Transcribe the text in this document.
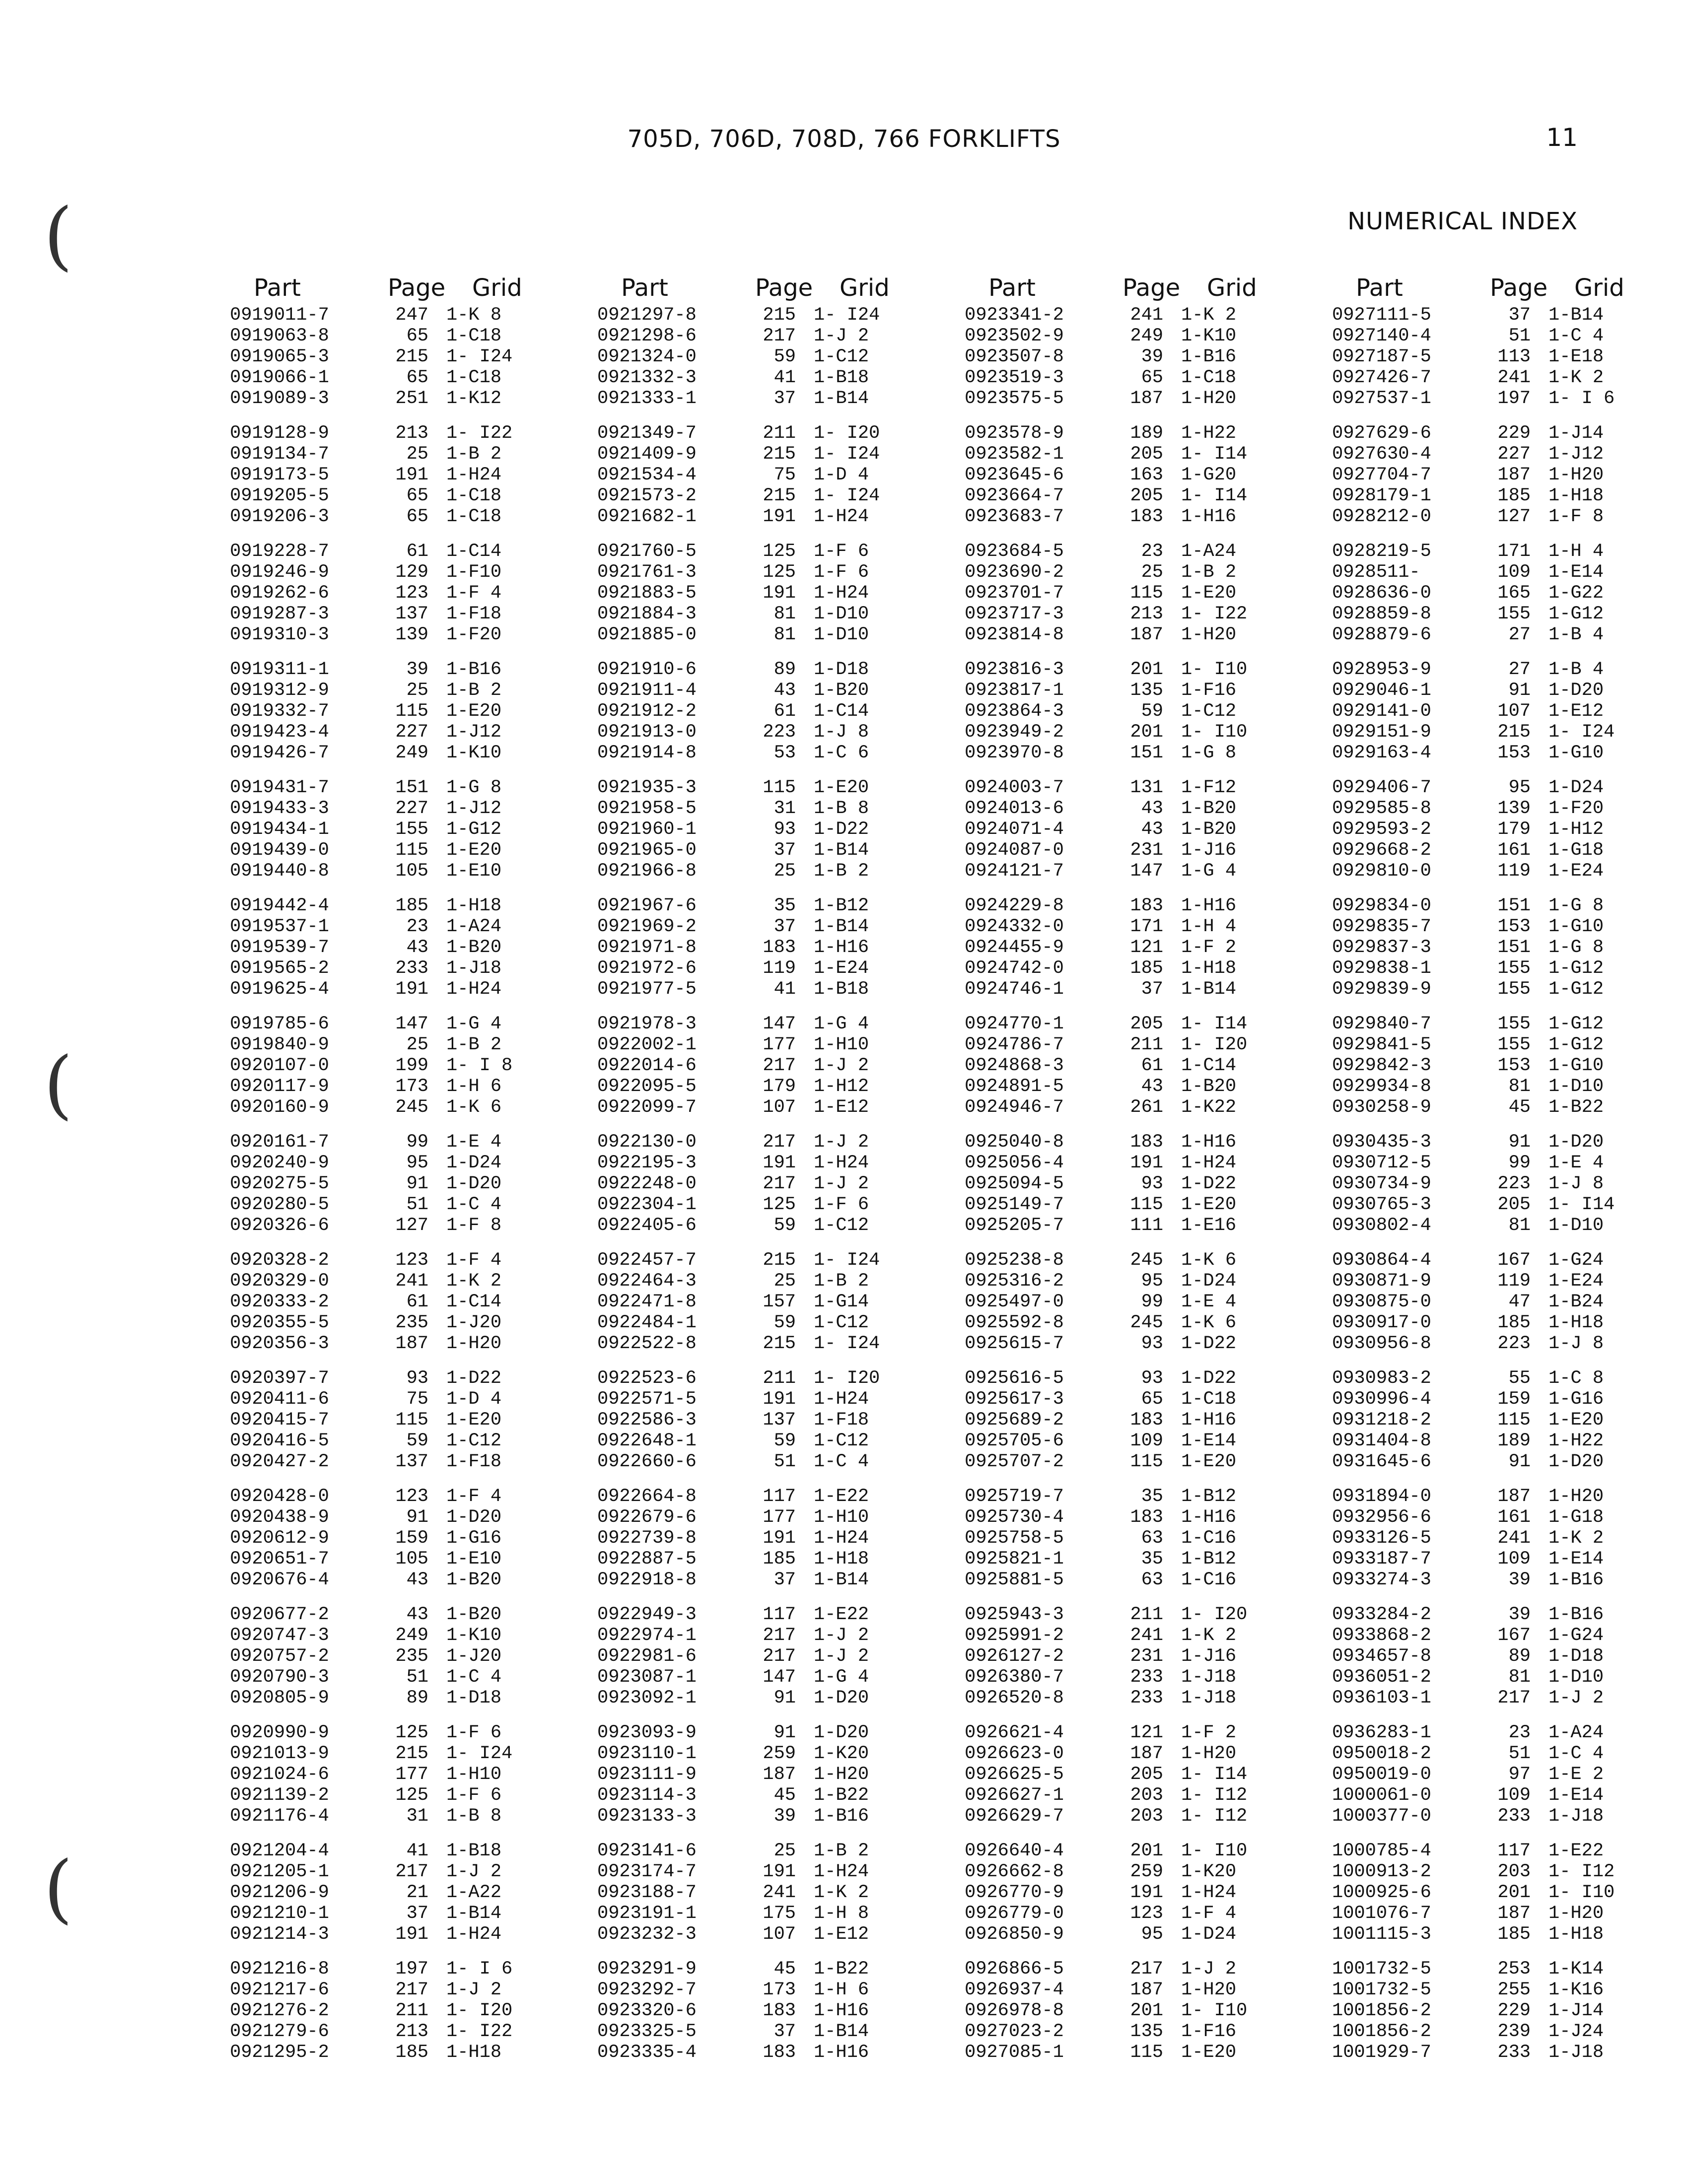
705D, 706D, 708D, 766 FORKLIFTS	11
NUMERICAL INDEX
(
(
(
Part	Page	Grid
0919011-7	247 1-K 8
0919063-8	65 1-C18
0919065-3	215 1- I24
0919066-1	65 1-C18
0919089-3	251 1-K12
0919128-9	213 1- I22
0919134-7	25 1-B 2
0919173-5	191 1-H24
0919205-5	65 1-C18
0919206-3	65 1-C18
0919228-7	61 1-C14
0919246-9	129 1-F10
0919262-6	123 1-F 4
0919287-3	137 1-F18
0919310-3	139 1-F20
0919311-1	39 1-B16
0919312-9	25 1-B 2
0919332-7	115 1-E20
0919423-4	227 1-J12
0919426-7	249 1-K10
0919431-7	151 1-G 8
0919433-3	227 1-J12
0919434-1	155 1-G12
0919439-0	115 1-E20
0919440-8	105 1-E10
0919442-4	185 1-H18
0919537-1	23 1-A24
0919539-7	43 1-B20
0919565-2	233 1-J18
0919625-4	191 1-H24
0919785-6	147 1-G 4
0919840-9	25 1-B 2
0920107-0	199 1- I 8
0920117-9	173 1-H 6
0920160-9	245 1-K 6
0920161-7	99 1-E 4
0920240-9	95 1-D24
0920275-5	91 1-D20
0920280-5	51 1-C 4
0920326-6	127 1-F 8
0920328-2	123 1-F 4
0920329-0	241 1-K 2
0920333-2	61 1-C14
0920355-5	235 1-J20
0920356-3	187 1-H20
0920397-7	93 1-D22
0920411-6	75 1-D 4
0920415-7	115 1-E20
0920416-5	59 1-C12
0920427-2	137 1-F18
0920428-0	123 1-F 4
0920438-9	91 1-D20
0920612-9	159 1-G16
0920651-7	105 1-E10
0920676-4	43 1-B20
0920677-2	43 1-B20
0920747-3	249 1-K10
0920757-2	235 1-J20
0920790-3	51 1-C 4
0920805-9	89 1-D18
0920990-9	125 1-F 6
0921013-9	215 1- I24
0921024-6	177 1-H10
0921139-2	125 1-F 6
0921176-4	31 1-B 8
0921204-4	41 1-B18
0921205-1	217 1-J 2
0921206-9	21 1-A22
0921210-1	37 1-B14
0921214-3	191 1-H24
0921216-8	197 1- I 6
0921217-6	217 1-J 2
0921276-2	211 1- I20
0921279-6	213 1- I22
0921295-2	185 1-H18
Part	Page	Grid
0921297-8	215 1- I24
0921298-6	217 1-J 2
0921324-0	59 1-C12
0921332-3	41 1-B18
0921333-1	37 1-B14
0921349-7	211 1- I20
0921409-9	215 1- I24
0921534-4	75 1-D 4
0921573-2	215 1- I24
0921682-1	191 1-H24
0921760-5	125 1-F 6
0921761-3	125 1-F 6
0921883-5	191 1-H24
0921884-3	81 1-D10
0921885-0	81 1-D10
0921910-6	89 1-D18
0921911-4	43 1-B20
0921912-2	61 1-C14
0921913-0	223 1-J 8
0921914-8	53 1-C 6
0921935-3	115 1-E20
0921958-5	31 1-B 8
0921960-1	93 1-D22
0921965-0	37 1-B14
0921966-8	25 1-B 2
0921967-6	35 1-B12
0921969-2	37 1-B14
0921971-8	183 1-H16
0921972-6	119 1-E24
0921977-5	41 1-B18
0921978-3	147 1-G 4
0922002-1	177 1-H10
0922014-6	217 1-J 2
0922095-5	179 1-H12
0922099-7	107 1-E12
0922130-0	217 1-J 2
0922195-3	191 1-H24
0922248-0	217 1-J 2
0922304-1	125 1-F 6
0922405-6	59 1-C12
0922457-7	215 1- I24
0922464-3	25 1-B 2
0922471-8	157 1-G14
0922484-1	59 1-C12
0922522-8	215 1- I24
0922523-6	211 1- I20
0922571-5	191 1-H24
0922586-3	137 1-F18
0922648-1	59 1-C12
0922660-6	51 1-C 4
0922664-8	117 1-E22
0922679-6	177 1-H10
0922739-8	191 1-H24
0922887-5	185 1-H18
0922918-8	37 1-B14
0922949-3	117 1-E22
0922974-1	217 1-J 2
0922981-6	217 1-J 2
0923087-1	147 1-G 4
0923092-1	91 1-D20
0923093-9	91 1-D20
0923110-1	259 1-K20
0923111-9	187 1-H20
0923114-3	45 1-B22
0923133-3	39 1-B16
0923141-6	25 1-B 2
0923174-7	191 1-H24
0923188-7	241 1-K 2
0923191-1	175 1-H 8
0923232-3	107 1-E12
0923291-9	45 1-B22
0923292-7	173 1-H 6
0923320-6	183 1-H16
0923325-5	37 1-B14
0923335-4	183 1-H16
Part	Page	Grid
0923341-2	241 1-K 2
0923502-9	249 1-K10
0923507-8	39 1-B16
0923519-3	65 1-C18
0923575-5	187 1-H20
0923578-9	189 1-H22
0923582-1	205 1- I14
0923645-6	163 1-G20
0923664-7	205 1- I14
0923683-7	183 1-H16
0923684-5	23 1-A24
0923690-2	25 1-B 2
0923701-7	115 1-E20
0923717-3	213 1- I22
0923814-8	187 1-H20
0923816-3	201 1- I10
0923817-1	135 1-F16
0923864-3	59 1-C12
0923949-2	201 1- I10
0923970-8	151 1-G 8
0924003-7	131 1-F12
0924013-6	43 1-B20
0924071-4	43 1-B20
0924087-0	231 1-J16
0924121-7	147 1-G 4
0924229-8	183 1-H16
0924332-0	171 1-H 4
0924455-9	121 1-F 2
0924742-0	185 1-H18
0924746-1	37 1-B14
0924770-1	205 1- I14
0924786-7	211 1- I20
0924868-3	61 1-C14
0924891-5	43 1-B20
0924946-7	261 1-K22
0925040-8	183 1-H16
0925056-4	191 1-H24
0925094-5	93 1-D22
0925149-7	115 1-E20
0925205-7	111 1-E16
0925238-8	245 1-K 6
0925316-2	95 1-D24
0925497-0	99 1-E 4
0925592-8	245 1-K 6
0925615-7	93 1-D22
0925616-5	93 1-D22
0925617-3	65 1-C18
0925689-2	183 1-H16
0925705-6	109 1-E14
0925707-2	115 1-E20
0925719-7	35 1-B12
0925730-4	183 1-H16
0925758-5	63 1-C16
0925821-1	35 1-B12
0925881-5	63 1-C16
0925943-3	211 1- I20
0925991-2	241 1-K 2
0926127-2	231 1-J16
0926380-7	233 1-J18
0926520-8	233 1-J18
0926621-4	121 1-F 2
0926623-0	187 1-H20
0926625-5	205 1- I14
0926627-1	203 1- I12
0926629-7	203 1- I12
0926640-4	201 1- I10
0926662-8	259 1-K20
0926770-9	191 1-H24
0926779-0	123 1-F 4
0926850-9	95 1-D24
0926866-5	217 1-J 2
0926937-4	187 1-H20
0926978-8	201 1- I10
0927023-2	135 1-F16
0927085-1	115 1-E20
Part	Page	Grid
0927111-5	37 1-B14
0927140-4	51 1-C 4
0927187-5	113 1-E18
0927426-7	241 1-K 2
0927537-1	197 1- I 6
0927629-6	229 1-J14
0927630-4	227 1-J12
0927704-7	187 1-H20
0928179-1	185 1-H18
0928212-0	127 1-F 8
0928219-5	171 1-H 4
0928511-	109 1-E14
0928636-0	165 1-G22
0928859-8	155 1-G12
0928879-6	27 1-B 4
0928953-9	27 1-B 4
0929046-1	91 1-D20
0929141-0	107 1-E12
0929151-9	215 1- I24
0929163-4	153 1-G10
0929406-7	95 1-D24
0929585-8	139 1-F20
0929593-2	179 1-H12
0929668-2	161 1-G18
0929810-0	119 1-E24
0929834-0	151 1-G 8
0929835-7	153 1-G10
0929837-3	151 1-G 8
0929838-1	155 1-G12
0929839-9	155 1-G12
0929840-7	155 1-G12
0929841-5	155 1-G12
0929842-3	153 1-G10
0929934-8	81 1-D10
0930258-9	45 1-B22
0930435-3	91 1-D20
0930712-5	99 1-E 4
0930734-9	223 1-J 8
0930765-3	205 1- I14
0930802-4	81 1-D10
0930864-4	167 1-G24
0930871-9	119 1-E24
0930875-0	47 1-B24
0930917-0	185 1-H18
0930956-8	223 1-J 8
0930983-2	55 1-C 8
0930996-4	159 1-G16
0931218-2	115 1-E20
0931404-8	189 1-H22
0931645-6	91 1-D20
0931894-0	187 1-H20
0932956-6	161 1-G18
0933126-5	241 1-K 2
0933187-7	109 1-E14
0933274-3	39 1-B16
0933284-2	39 1-B16
0933868-2	167 1-G24
0934657-8	89 1-D18
0936051-2	81 1-D10
0936103-1	217 1-J 2
0936283-1	23 1-A24
0950018-2	51 1-C 4
0950019-0	97 1-E 2
1000061-0	109 1-E14
1000377-0	233 1-J18
1000785-4	117 1-E22
1000913-2	203 1- I12
1000925-6	201 1- I10
1001076-7	187 1-H20
1001115-3	185 1-H18
1001732-5	253 1-K14
1001732-5	255 1-K16
1001856-2	229 1-J14
1001856-2	239 1-J24
1001929-7	233 1-J18
